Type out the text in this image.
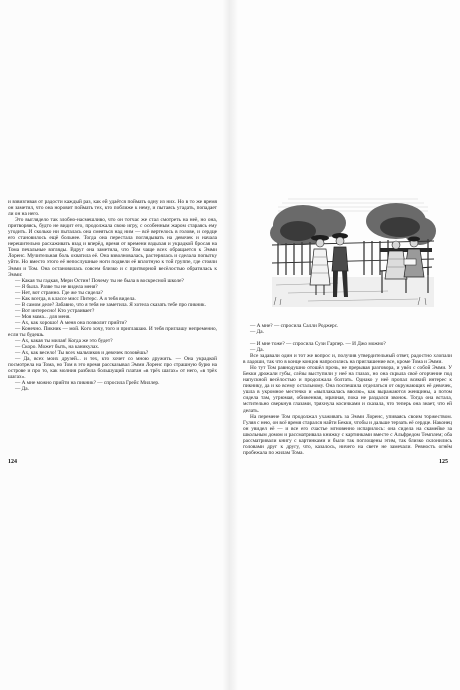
и взвизгивая от радости каждый раз, как ей удаётся поймать одну из них. Но в то же время он заметил, что она норовит поймать тех, кто поближе к нему, и пытаясь угадать, попадает ли он на него.

Это выглядело так злобно-насмешливо, что он тотчас же стал смотреть на неё, но она, притворяясь, будто не видит его, продолжала свою игру, с особенным жаром стараясь ему угодить. И сколько ни пыталась она смеяться над ним — всё вертелось в голове, и сердце его становилось ещё больнее. Тогда она перестала поглядывать на девочек и начала нерешительно расхаживать взад и вперёд, время от времени вздыхая и украдкой бросая на Тома печальные взгляды. Вдруг она заметила, что Том чаще всех обращается к Эмми Лоренс. Мучительная боль охватила её. Она взволновалась, растерялась и сделала попытку уйти. Но вместо этого её непослушные ноги подвели её вплотную к той группе, где стояли Эмми и Том. Она остановилась совсем близко и с притворной весёлостью обратилась к Эмми:

— Какая ты гадкая, Мери Остин! Почему ты не была в воскресной школе?

— Я была. Разве ты не видела меня?

— Нет, вот странно. Где же ты сидела?

— Как всегда, в классе мисс Питерс. А я тебя видела.

— В самом деле? Забавно, что я тебя не заметила. Я хотела сказать тебе про пикник.

— Вот интересно! Кто устраивает?

— Моя мама... для меня.

— Ах, как хорошо! А меня она позволит прийти?

— Конечно. Пикник — мой. Кого хочу, того и приглашаю. И тебя приглашу непременно, если ты будешь.

— Ах, какая ты милая! Когда же это будет?

— Скоро. Может быть, на каникулах.

— Ах, как весело! Ты всех мальчиков и девочек позовёшь?

— Да, всех моих друзей... и тех, кто хочет со мною дружить. — Она украдкой посмотрела на Тома, но Том в это время рассказывал Эмми Лоренс про страшную бурю на острове и про то, как молния разбила большущий платан «в трёх шагах» от него, «в трёх шагах».

— А мне можно прийти на пикник? — спросила Грейс Миллер.

— Да.

124

— А мне? — спросила Салли Роджерс.

— Да.

— И мне тоже? — спросила Сузи Гарпер. — И Джо можно?

— Да.

Все задавали один и тот же вопрос и, получив утвердительный ответ, радостно хлопали в ладоши, так что в конце концов напросились на приглашение все, кроме Тома и Эмми.

Но тут Том равнодушно отошёл прочь, не прерывая разговора, и увёл с собой Эмми. У Бекки дрожали губы, слёзы выступили у неё на глазах, но она скрыла своё огорчение под напускной весёлостью и продолжала болтать. Однако у неё пропал всякий интерес к пикнику, да и ко всему остальному. Она поспешила отделаться от окружающих её девочек, ушла в укромное местечко и «выплакалась вволю», как выражаются женщины, а потом сидела там, угрюмая, обиженная, мрачная, пока не раздался звонок. Тогда она встала, мстительно сверкнув глазами, тряхнула косичками и сказала, что теперь она знает, что ей делать.

На перемене Том продолжал ухаживать за Эмми Лоренс, упиваясь своим торжеством. Гуляя с нею, он всё время старался найти Бекки, чтобы и дальше терзать её сердце. Наконец он увидел её — и все его счастье мгновенно испарилось: она сидела на скамейке за школьным домом и рассматривала книжку с картинками вместе с Альфредом Темплем; оба рассматривали книгу с картинками и были так поглощены этим, так близко склонились головами друг к другу, что, казалось, ничего на свете не замечали. Ревность огнём пробежала по жилам Тома.

125
